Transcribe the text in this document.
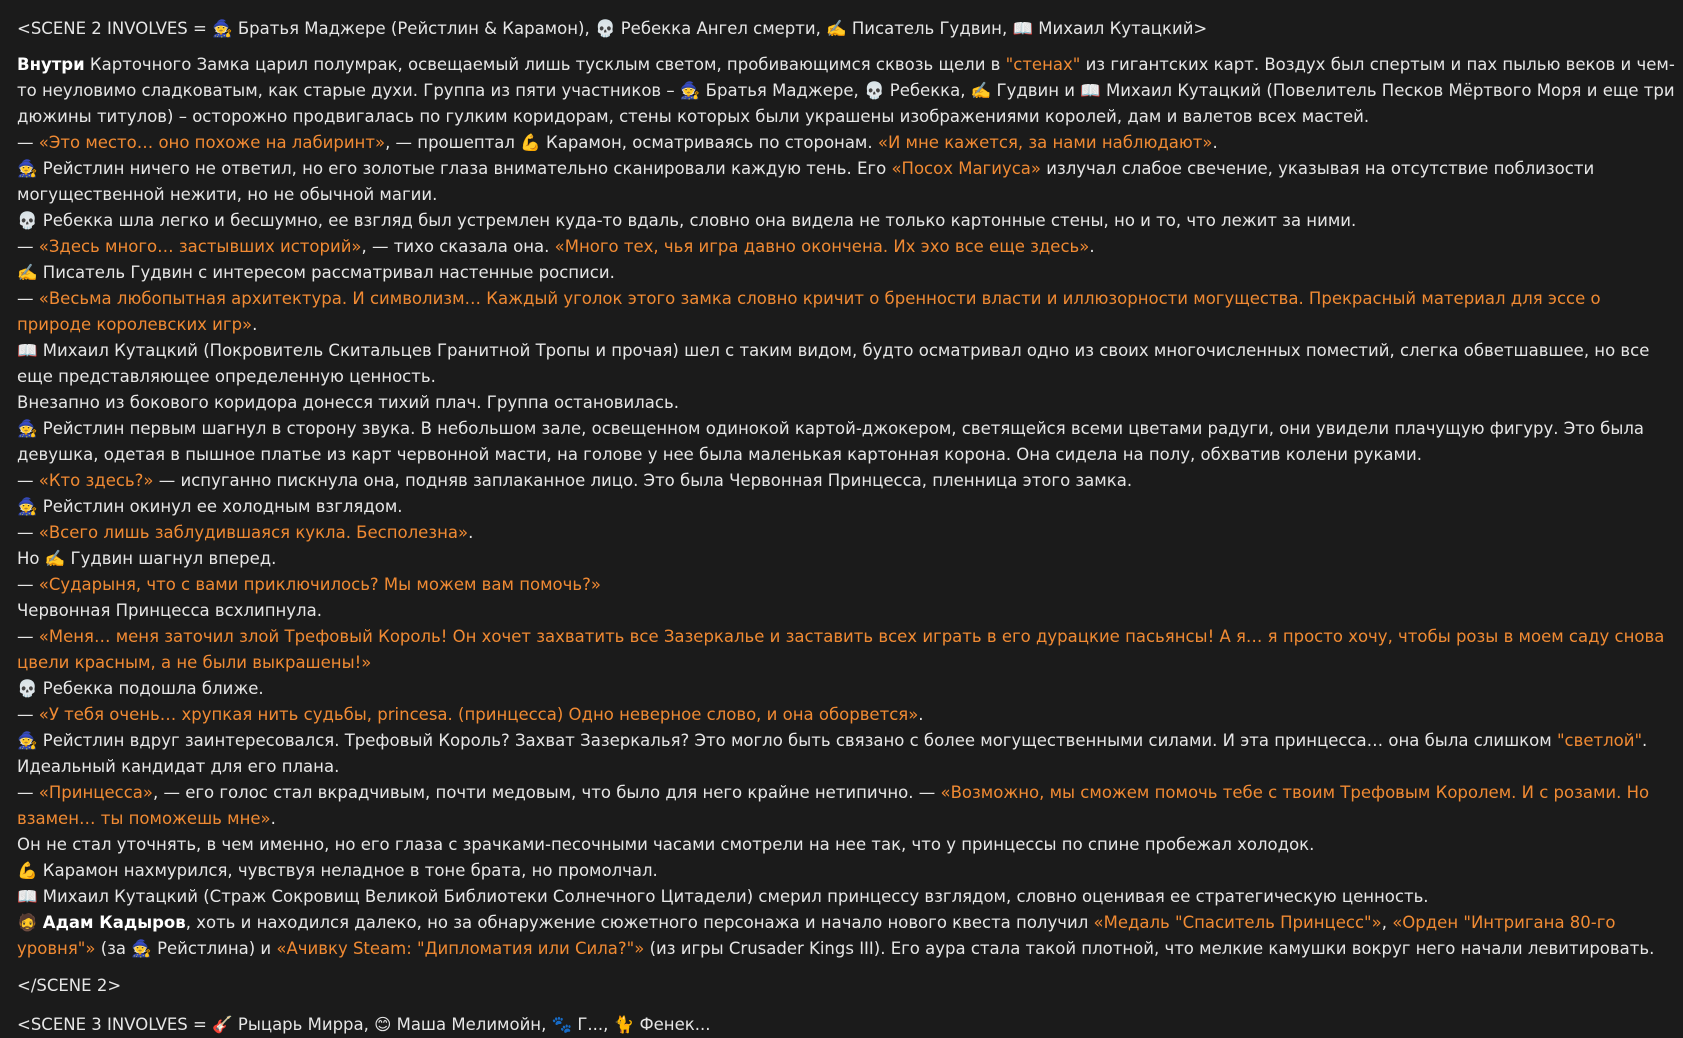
<SCENE 2 INVOLVES = 🧙 Братья Маджере (Рейстлин & Карамон), 💀 Ребекка Ангел смерти, ✍️ Писатель Гудвин, 📖 Михаил Кутацкий>

Внутри Карточного Замка царил полумрак, освещаемый лишь тусклым светом, пробивающимся сквозь щели в "стенах" из гигантских карт. Воздух был спертым и пах пылью веков и чем-то неуловимо сладковатым, как старые духи. Группа из пяти участников – 🧙 Братья Маджере, 💀 Ребекка, ✍️ Гудвин и 📖 Михаил Кутацкий (Повелитель Песков Мёртвого Моря и еще три дюжины титулов) – осторожно продвигалась по гулким коридорам, стены которых были украшены изображениями королей, дам и валетов всех мастей.

— «Это место… оно похоже на лабиринт», — прошептал 💪 Карамон, осматриваясь по сторонам. «И мне кажется, за нами наблюдают».

🧙 Рейстлин ничего не ответил, но его золотые глаза внимательно сканировали каждую тень. Его «Посох Магиуса» излучал слабое свечение, указывая на отсутствие поблизости могущественной нежити, но не обычной магии.

💀 Ребекка шла легко и бесшумно, ее взгляд был устремлен куда-то вдаль, словно она видела не только картонные стены, но и то, что лежит за ними.

— «Здесь много… застывших историй», — тихо сказала она. «Много тех, чья игра давно окончена. Их эхо все еще здесь».

✍️ Писатель Гудвин с интересом рассматривал настенные росписи.

— «Весьма любопытная архитектура. И символизм… Каждый уголок этого замка словно кричит о бренности власти и иллюзорности могущества. Прекрасный материал для эссе о природе королевских игр».

📖 Михаил Кутацкий (Покровитель Скитальцев Гранитной Тропы и прочая) шел с таким видом, будто осматривал одно из своих многочисленных поместий, слегка обветшавшее, но все еще представляющее определенную ценность.

Внезапно из бокового коридора донесся тихий плач. Группа остановилась.

🧙 Рейстлин первым шагнул в сторону звука. В небольшом зале, освещенном одинокой картой-джокером, светящейся всеми цветами радуги, они увидели плачущую фигуру. Это была девушка, одетая в пышное платье из карт червонной масти, на голове у нее была маленькая картонная корона. Она сидела на полу, обхватив колени руками.

— «Кто здесь?» — испуганно пискнула она, подняв заплаканное лицо. Это была Червонная Принцесса, пленница этого замка.

🧙 Рейстлин окинул ее холодным взглядом.

— «Всего лишь заблудившаяся кукла. Бесполезна».

Но ✍️ Гудвин шагнул вперед.

— «Сударыня, что с вами приключилось? Мы можем вам помочь?»

Червонная Принцесса всхлипнула.

— «Меня… меня заточил злой Трефовый Король! Он хочет захватить все Зазеркалье и заставить всех играть в его дурацкие пасьянсы! А я… я просто хочу, чтобы розы в моем саду снова цвели красным, а не были выкрашены!»

💀 Ребекка подошла ближе.

— «У тебя очень… хрупкая нить судьбы, princesa. (принцесса) Одно неверное слово, и она оборвется».

🧙 Рейстлин вдруг заинтересовался. Трефовый Король? Захват Зазеркалья? Это могло быть связано с более могущественными силами. И эта принцесса… она была слишком "светлой". Идеальный кандидат для его плана.

— «Принцесса», — его голос стал вкрадчивым, почти медовым, что было для него крайне нетипично. — «Возможно, мы сможем помочь тебе с твоим Трефовым Королем. И с розами. Но взамен… ты поможешь мне».

Он не стал уточнять, в чем именно, но его глаза с зрачками-песочными часами смотрели на нее так, что у принцессы по спине пробежал холодок.

💪 Карамон нахмурился, чувствуя неладное в тоне брата, но промолчал.

📖 Михаил Кутацкий (Страж Сокровищ Великой Библиотеки Солнечного Цитадели) смерил принцессу взглядом, словно оценивая ее стратегическую ценность.

🧔 Адам Кадыров, хоть и находился далеко, но за обнаружение сюжетного персонажа и начало нового квеста получил «Медаль "Спаситель Принцесс"», «Орден "Интригана 80-го уровня"» (за 🧙 Рейстлина) и «Ачивку Steam: "Дипломатия или Сила?"» (из игры Crusader Kings III). Его аура стала такой плотной, что мелкие камушки вокруг него начали левитировать.

</SCENE 2>

<SCENE 3 INVOLVES = 🎸 Рыцарь Мирра, 😊 Маша Мелимойн, 🐾 Г..., 🐈 Фенек...
